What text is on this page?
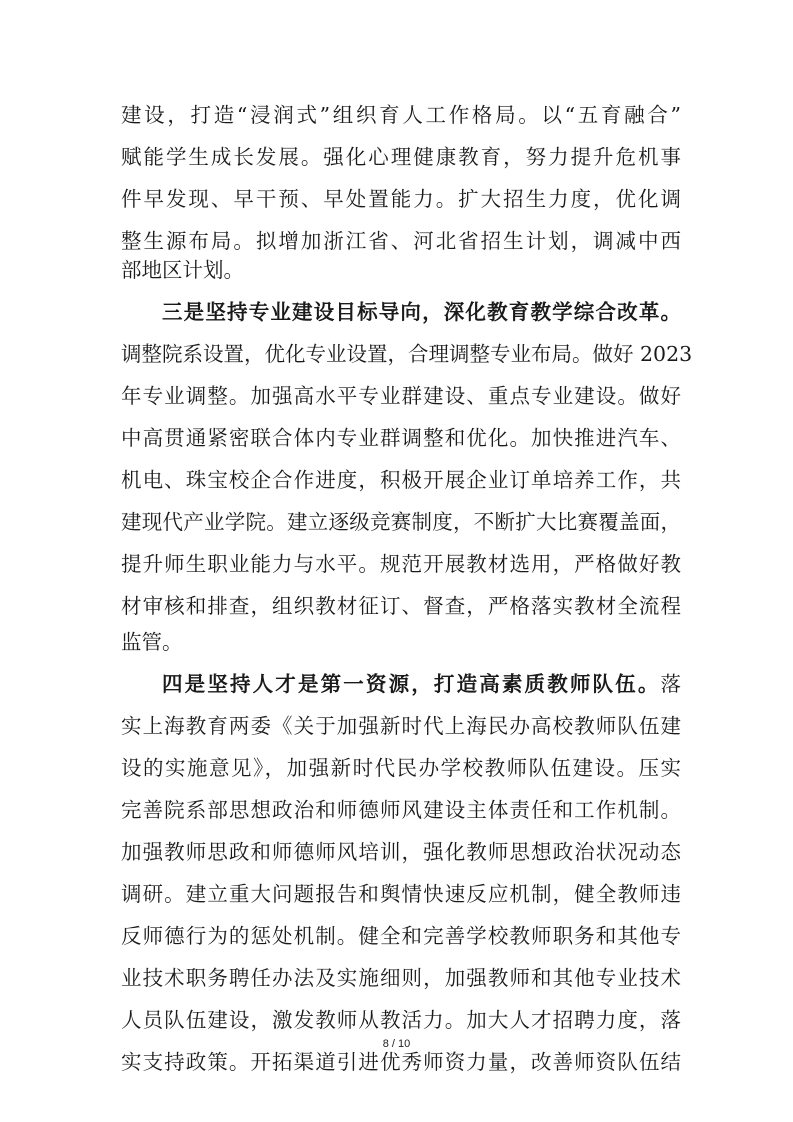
建设，打造“浸润式”组织育人工作格局。以“五育融合”
赋能学生成长发展。强化心理健康教育，努力提升危机事
件早发现、早干预、早处置能力。扩大招生力度，优化调
整生源布局。拟增加浙江省、河北省招生计划，调减中西
部地区计划。
三是坚持专业建设目标导向，深化教育教学综合改革。
调整院系设置，优化专业设置，合理调整专业布局。做好 2023
年专业调整。加强高水平专业群建设、重点专业建设。做好
中高贯通紧密联合体内专业群调整和优化。加快推进汽车、
机电、珠宝校企合作进度，积极开展企业订单培养工作，共
建现代产业学院。建立逐级竞赛制度，不断扩大比赛覆盖面，
提升师生职业能力与水平。规范开展教材选用，严格做好教
材审核和排查，组织教材征订、督查，严格落实教材全流程
监管。
四是坚持人才是第一资源，打造高素质教师队伍。落
实上海教育两委《关于加强新时代上海民办高校教师队伍建
设的实施意见》，加强新时代民办学校教师队伍建设。压实
完善院系部思想政治和师德师风建设主体责任和工作机制。
加强教师思政和师德师风培训，强化教师思想政治状况动态
调研。建立重大问题报告和舆情快速反应机制，健全教师违
反师德行为的惩处机制。健全和完善学校教师职务和其他专
业技术职务聘任办法及实施细则，加强教师和其他专业技术
人员队伍建设，激发教师从教活力。加大人才招聘力度，落
实支持政策。开拓渠道引进优秀师资力量，改善师资队伍结
8 / 10
